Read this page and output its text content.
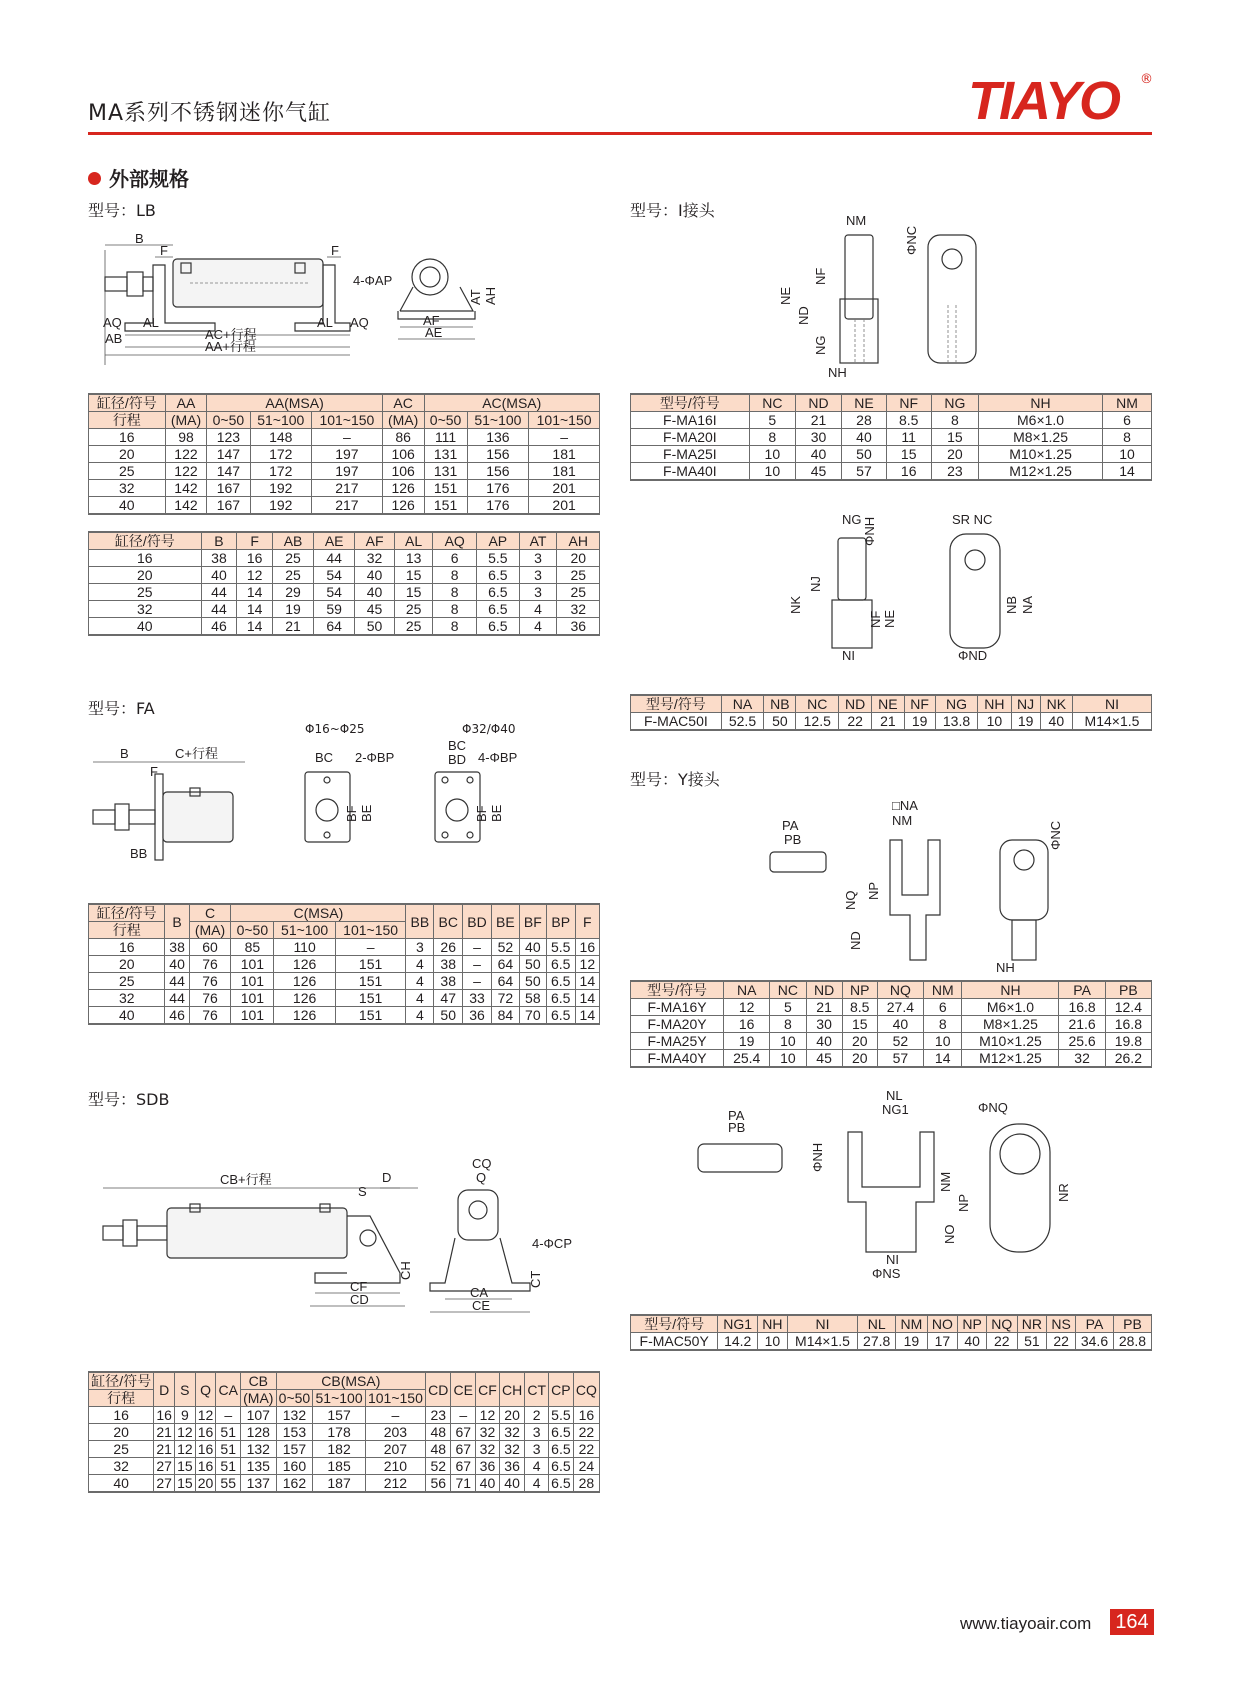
MA系列不锈钢迷你气缸	TIAYO ®
外部规格
型号：LB
B
F	F
AQ
AB
AL	AL AQ
AC+行程
AA+行程
4-ΦAP
AF
AE
AT AH
缸径/符号	AA	AA(MSA)			AC	AC(MSA)		
行程	(MA)	0~50	51~100	101~150	(MA)	0~50	51~100	101~150
16	98	123	148	–	86	111	136	–
20	122	147	172	197	106	131	156	181
25	122	147	172	197	106	131	156	181
32	142	167	192	217	126	151	176	201
40	142	167	192	217	126	151	176	201
缸径/符号	B	F	AB	AE	AF	AL	AQ	AP	AT	AH
16	38	16	25	44	32	13	6	5.5	3	20
20	40	12	25	54	40	15	8	6.5	3	25
25	44	14	29	54	40	15	8	6.5	3	25
32	44	14	19	59	45	25	8	6.5	4	32
40	46	14	21	64	50	25	8	6.5	4	36
型号：FA
Φ16~Φ25	Φ32/Φ40
B	C+行程
F
BB
BC 2-ΦBP
BF BE
BC
BD 4-ΦBP
BF BE
缸径/符号	B	C	C(MSA)			BB	BC	BD	BE	BF	BP	F
行程		(MA)	0~50	51~100	101~150							
16	38	60	85	110	–	3	26	–	52	40	5.5	16
20	40	76	101	126	151	4	38	–	64	50	6.5	12
25	44	76	101	126	151	4	38	–	64	50	6.5	14
32	44	76	101	126	151	4	47	33	72	58	6.5	14
40	46	76	101	126	151	4	50	36	84	70	6.5	14
型号：SDB
CB+行程
S
D
CF
CD
CQ
Q
4-ΦCP
CH	CT
CA
CE
缸径/符号	D	S	Q	CA	CB	CB(MSA)			CD	CE	CF	CH	CT	CP	CQ
行程					(MA)	0~50	51~100	101~150							
16	16	9	12	–	107	132	157	–	23	–	12	20	2	5.5	16
20	21	12	16	51	128	153	178	203	48	67	32	32	3	6.5	22
25	21	12	16	51	132	157	182	207	48	67	32	32	3	6.5	22
32	27	15	16	51	135	160	185	210	52	67	36	36	4	6.5	24
40	27	15	20	55	137	162	187	212	56	71	40	40	4	6.5	28
型号：I接头
NM
ΦNC
NE
NF
ND
NG
NH
型号/符号	NC	ND	NE	NF	NG	NH	NM
F-MA16I	5	21	28	8.5	8	M6×1.0	6
F-MA20I	8	30	40	11	15	M8×1.25	8
F-MA25I	10	40	50	15	20	M10×1.25	10
F-MA40I	10	45	57	16	23	M12×1.25	14
NG ΦNH
NJ
NK
NF NE
NI
SR NC
NB NA
ΦND
型号/符号	NA	NB	NC	ND	NE	NF	NG	NH	NJ	NK	NI
F-MAC50I	52.5	50	12.5	22	21	19	13.8	10	19	40	M14×1.5
型号：Y接头
PA
PB
□NA
NM
NQ NP
ND
ΦNC
NH
型号/符号	NA	NC	ND	NP	NQ	NM	NH	PA	PB
F-MA16Y	12	5	21	8.5	27.4	6	M6×1.0	16.8	12.4
F-MA20Y	16	8	30	15	40	8	M8×1.25	21.6	16.8
F-MA25Y	19	10	40	20	52	10	M10×1.25	25.6	19.8
F-MA40Y	25.4	10	45	20	57	14	M12×1.25	32	26.2
PA
PB
NL
NG1
ΦNH
NM
NP
NO
NI
ΦNS
ΦNQ
NR
型号/符号	NG1	NH	NI	NL	NM	NO	NP	NQ	NR	NS	PA	PB
F-MAC50Y	14.2	10	M14×1.5	27.8	19	17	40	22	51	22	34.6	28.8
www.tiayoair.com 164
